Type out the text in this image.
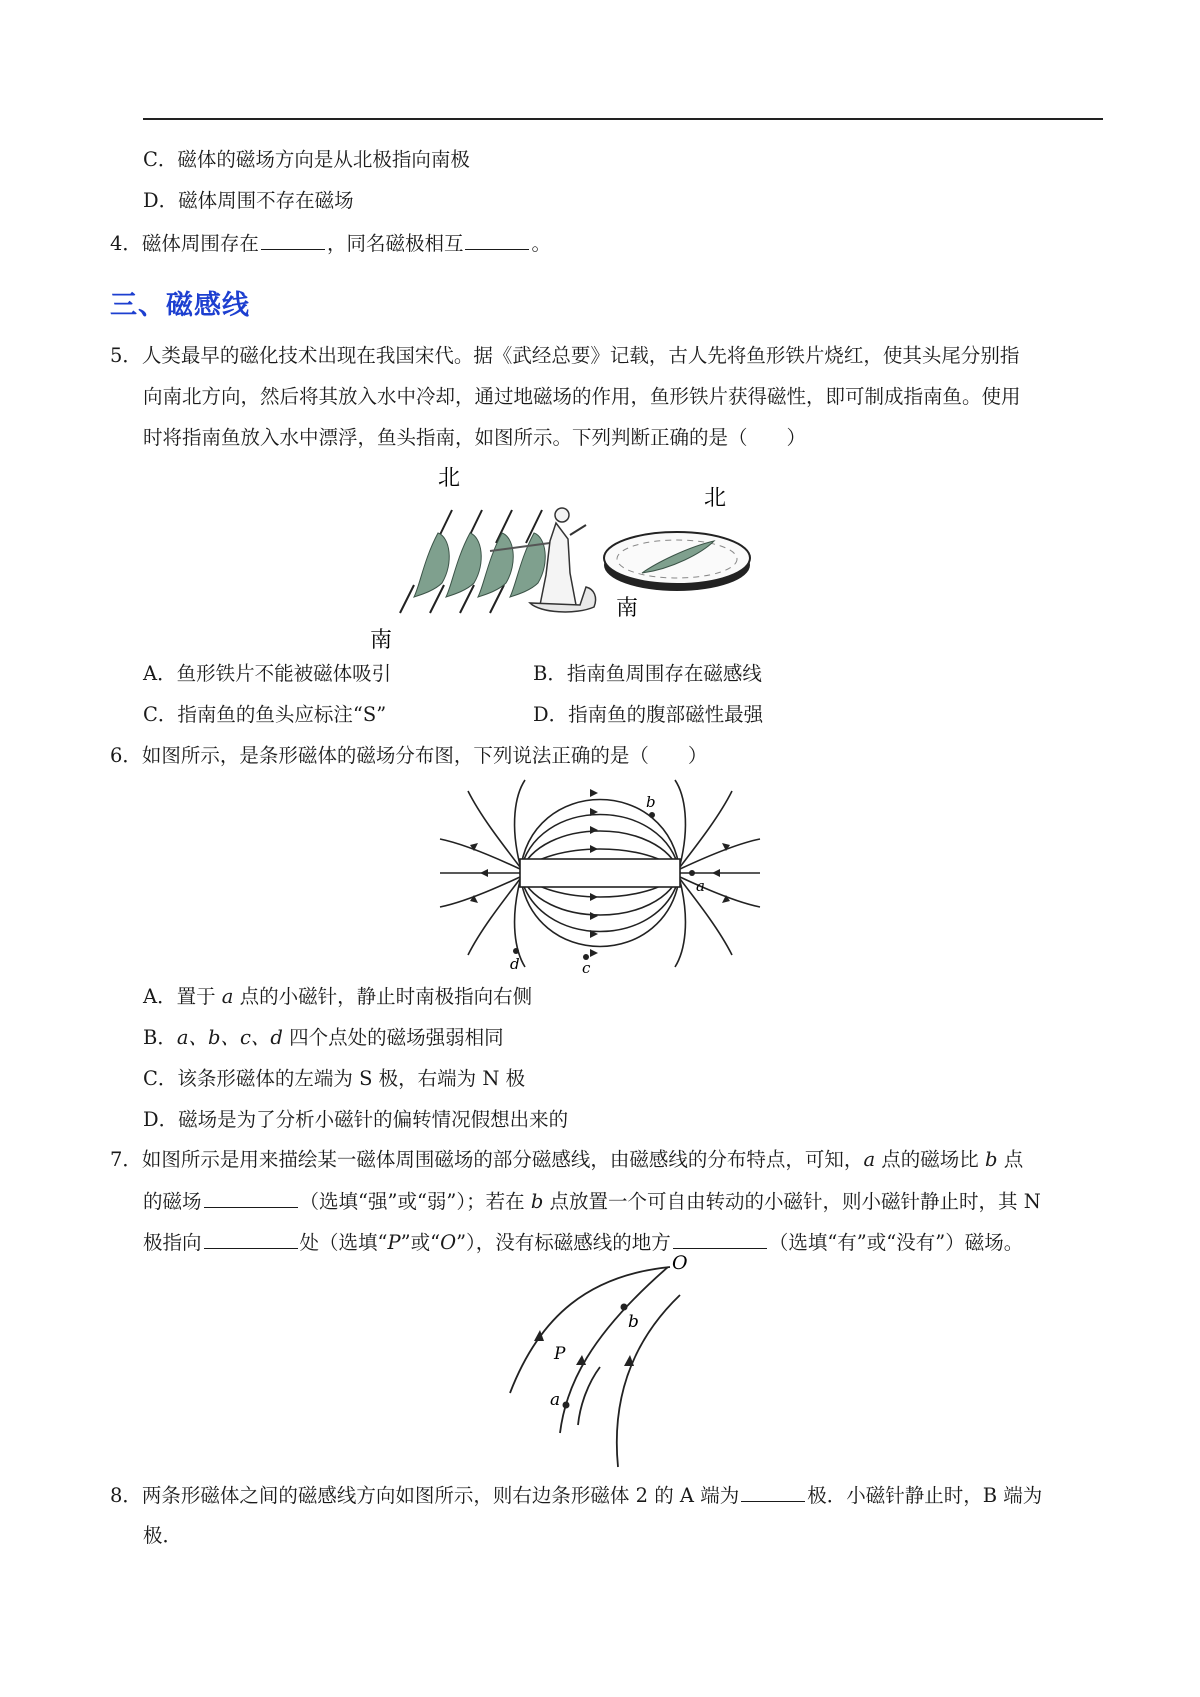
C．磁体的磁场方向是从北极指向南极
D．磁体周围不存在磁场
4．磁体周围存在	，同名磁极相互	。
三、磁感线
5．人类最早的磁化技术出现在我国宋代。据《武经总要》记载，古人先将鱼形铁片烧红，使其头尾分别指
向南北方向，然后将其放入水中冷却，通过地磁场的作用，鱼形铁片获得磁性，即可制成指南鱼。使用
时将指南鱼放入水中漂浮，鱼头指南，如图所示。下列判断正确的是（　　）
北
南
北
南
A．鱼形铁片不能被磁体吸引	B．指南鱼周围存在磁感线
C．指南鱼的鱼头应标注“S”	D．指南鱼的腹部磁性最强
6．如图所示，是条形磁体的磁场分布图，下列说法正确的是（　　）
a
b
c
d
A．置于 a 点的小磁针，静止时南极指向右侧
B．a、b、c、d 四个点处的磁场强弱相同
C．该条形磁体的左端为 S 极，右端为 N 极
D．磁场是为了分析小磁针的偏转情况假想出来的
7．如图所示是用来描绘某一磁体周围磁场的部分磁感线，由磁感线的分布特点，可知，a 点的磁场比 b 点
的磁场	（选填“强”或“弱”）；若在 b 点放置一个可自由转动的小磁针，则小磁针静止时，其 N
极指向	处（选填“P”或“O”），没有标磁感线的地方	（选填“有”或“没有”）磁场。
O
b
P
a
8．两条形磁体之间的磁感线方向如图所示，则右边条形磁体 2 的 A 端为	极．小磁针静止时，B 端为
极．
